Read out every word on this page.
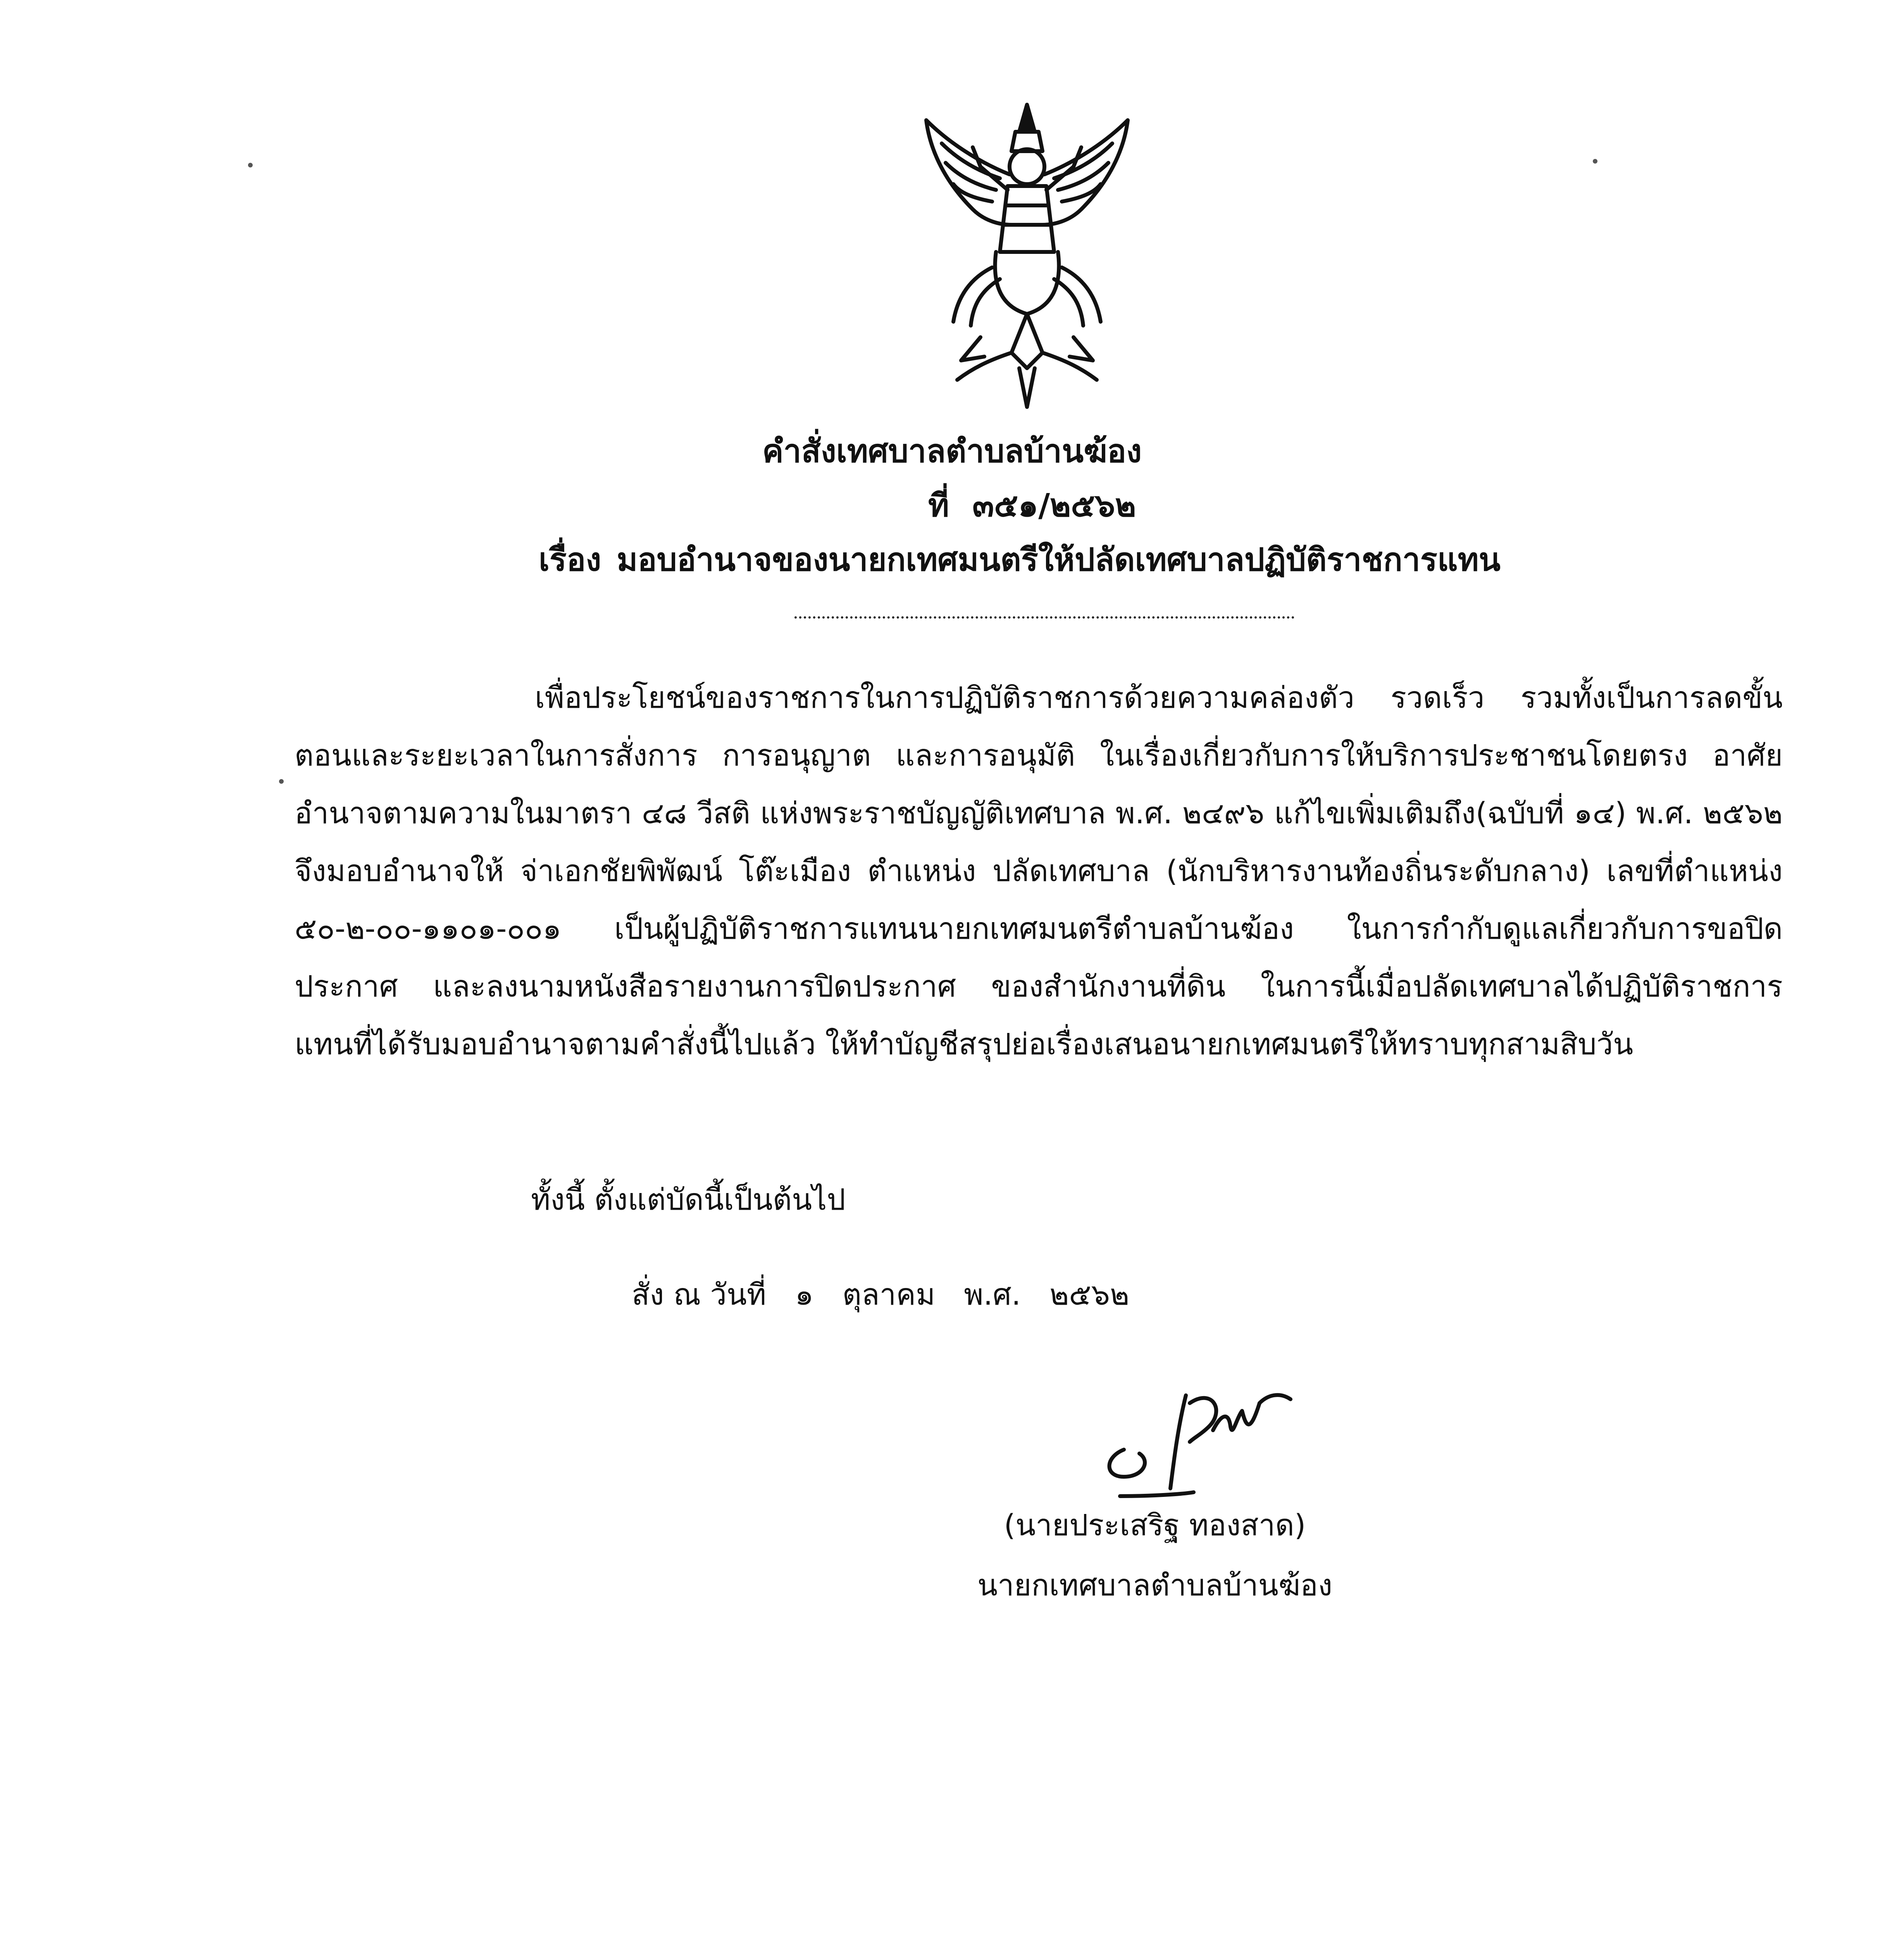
คำสั่งเทศบาลตำบลบ้านฆ้อง
ที่ ๓๕๑/๒๕๖๒
เรื่อง มอบอำนาจของนายกเทศมนตรีให้ปลัดเทศบาลปฏิบัติราชการแทน

เพื่อประโยชน์ของราชการในการปฏิบัติราชการด้วยความคล่องตัว รวดเร็ว รวมทั้งเป็นการลดขั้นตอนและระยะเวลาในการสั่งการ การอนุญาต และการอนุมัติ ในเรื่องเกี่ยวกับการให้บริการประชาชนโดยตรง อาศัยอำนาจตามความในมาตรา ๔๘ วีสติ แห่งพระราชบัญญัติเทศบาล พ.ศ. ๒๔๙๖ แก้ไขเพิ่มเติมถึง(ฉบับที่ ๑๔) พ.ศ. ๒๕๖๒ จึงมอบอำนาจให้ จ่าเอกชัยพิพัฒน์ โต๊ะเมือง ตำแหน่ง ปลัดเทศบาล (นักบริหารงานท้องถิ่นระดับกลาง) เลขที่ตำแหน่ง ๕๐-๒-๐๐-๑๑๐๑-๐๐๑ เป็นผู้ปฏิบัติราชการแทนนายกเทศมนตรีตำบลบ้านฆ้อง ในการกำกับดูแลเกี่ยวกับการขอปิดประกาศ และลงนามหนังสือรายงานการปิดประกาศ ของสำนักงานที่ดิน ในการนี้เมื่อปลัดเทศบาลได้ปฏิบัติราชการแทนที่ได้รับมอบอำนาจตามคำสั่งนี้ไปแล้ว ให้ทำบัญชีสรุปย่อเรื่องเสนอนายกเทศมนตรีให้ทราบทุกสามสิบวัน

ทั้งนี้ ตั้งแต่บัดนี้เป็นต้นไป
สั่ง ณ วันที่ ๑ ตุลาคม พ.ศ. ๒๕๖๒
(นายประเสริฐ ทองสาด)
นายกเทศบาลตำบลบ้านฆ้อง
